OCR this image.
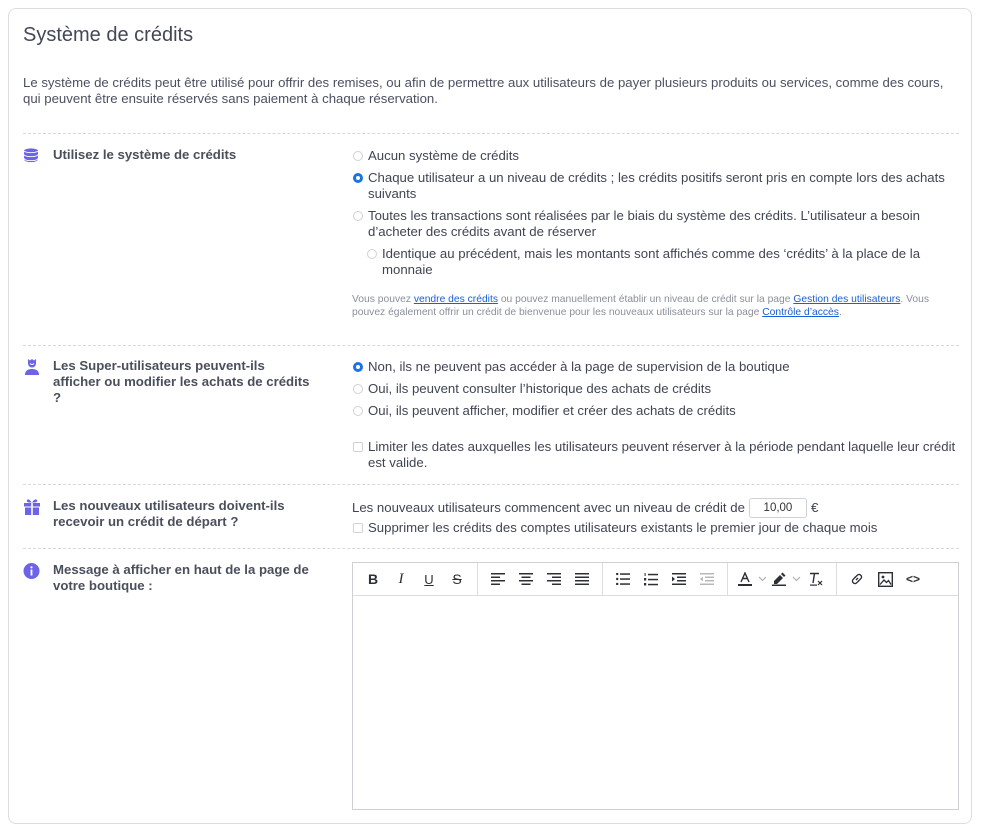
Système de crédits
Le système de crédits peut être utilisé pour offrir des remises, ou afin de permettre aux utilisateurs de payer plusieurs produits ou services, comme des cours, qui peuvent être ensuite réservés sans paiement à chaque réservation.
Utilisez le système de crédits	Aucun système de crédits
Chaque utilisateur a un niveau de crédits ; les crédits positifs seront pris en compte lors des achats suivants
Toutes les transactions sont réalisées par le biais du système des crédits. L’utilisateur a besoin d’acheter des crédits avant de réserver
Identique au précédent, mais les montants sont affichés comme des ‘crédits’ à la place de la monnaie
Vous pouvez vendre des crédits ou pouvez manuellement établir un niveau de crédit sur la page Gestion des utilisateurs. Vous pouvez également offrir un crédit de bienvenue pour les nouveaux utilisateurs sur la page Contrôle d’accès.
Les Super-utilisateurs peuvent-ils afficher ou modifier les achats de crédits ?
Non, ils ne peuvent pas accéder à la page de supervision de la boutique
Oui, ils peuvent consulter l’historique des achats de crédits
Oui, ils peuvent afficher, modifier et créer des achats de crédits
Limiter les dates auxquelles les utilisateurs peuvent réserver à la période pendant laquelle leur crédit est valide.
Les nouveaux utilisateurs doivent-ils recevoir un crédit de départ ?
Les nouveaux utilisateurs commencent avec un niveau de crédit de	10,00	€
Supprimer les crédits des comptes utilisateurs existants le premier jour de chaque mois
Message à afficher en haut de la page de votre boutique :	B	I	U	S	<>
